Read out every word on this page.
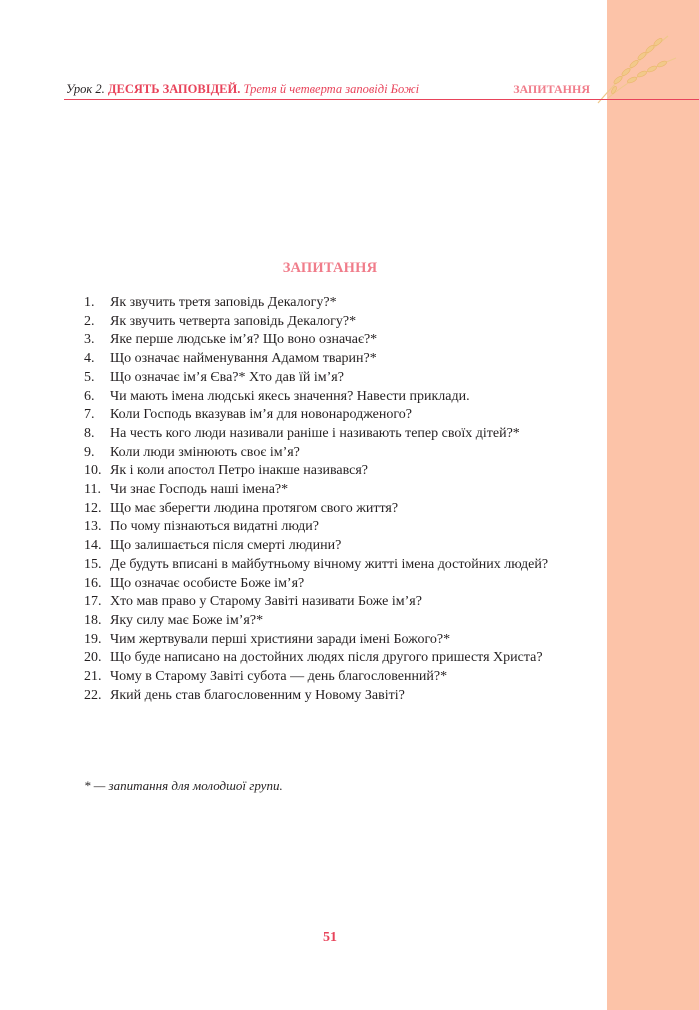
Урок 2. ДЕСЯТЬ ЗАПОВІДЕЙ. Третя й четверта заповіді Божі	ЗАПИТАННЯ
ЗАПИТАННЯ
1. Як звучить третя заповідь Декалогу?*
2. Як звучить четверта заповідь Декалогу?*
3. Яке перше людське ім’я? Що воно означає?*
4. Що означає найменування Адамом тварин?*
5. Що означає ім’я Єва?* Хто дав їй ім’я?
6. Чи мають імена людські якесь значення? Навести приклади.
7. Коли Господь вказував ім’я для новонародженого?
8. На честь кого люди називали раніше і називають тепер своїх дітей?*
9. Коли люди змінюють своє ім’я?
10. Як і коли апостол Петро інакше називався?
11. Чи знає Господь наші імена?*
12. Що має зберегти людина протягом свого життя?
13. По чому пізнаються видатні люди?
14. Що залишається після смерті людини?
15. Де будуть вписані в майбутньому вічному житті імена достойних людей?
16. Що означає особисте Боже ім’я?
17. Хто мав право у Старому Завіті називати Боже ім’я?
18. Яку силу має Боже ім’я?*
19. Чим жертвували перші християни заради імені Божого?*
20. Що буде написано на достойних людях після другого пришестя Христа?
21. Чому в Старому Завіті субота — день благословенний?*
22. Який день став благословенним у Новому Завіті?
* — запитання для молодшої групи.
51
